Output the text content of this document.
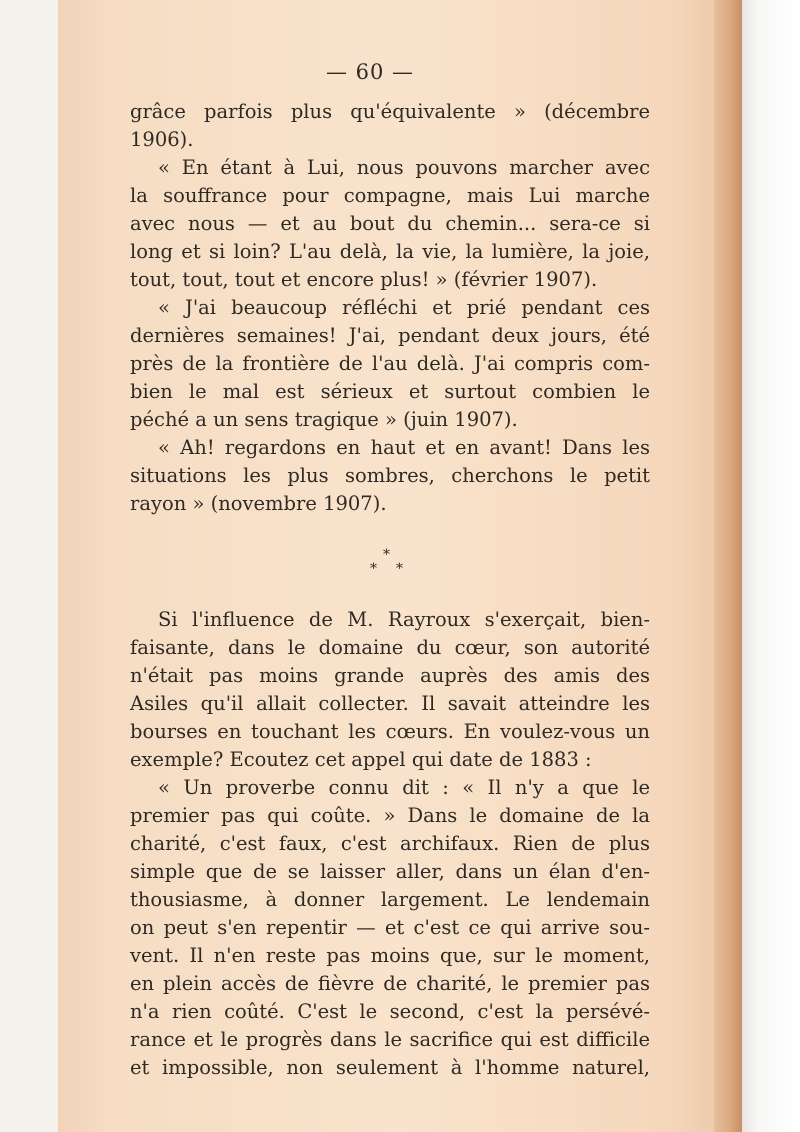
— 60 —

grâce parfois plus qu'équivalente » (décembre

1906).

« En étant à Lui, nous pouvons marcher avec

la souffrance pour compagne, mais Lui marche

avec nous — et au bout du chemin... sera-ce si

long et si loin? L'au delà, la vie, la lumière, la joie,

tout, tout, tout et encore plus! » (février 1907).

« J'ai beaucoup réfléchi et prié pendant ces

dernières semaines! J'ai, pendant deux jours, été

près de la frontière de l'au delà. J'ai compris com-

bien le mal est sérieux et surtout combien le

péché a un sens tragique » (juin 1907).

« Ah! regardons en haut et en avant! Dans les

situations les plus sombres, cherchons le petit

rayon » (novembre 1907).

*
* *

Si l'influence de M. Rayroux s'exerçait, bien-

faisante, dans le domaine du cœur, son autorité

n'était pas moins grande auprès des amis des

Asiles qu'il allait collecter. Il savait atteindre les

bourses en touchant les cœurs. En voulez-vous un

exemple? Ecoutez cet appel qui date de 1883 :

« Un proverbe connu dit : « Il n'y a que le

premier pas qui coûte. » Dans le domaine de la

charité, c'est faux, c'est archifaux. Rien de plus

simple que de se laisser aller, dans un élan d'en-

thousiasme, à donner largement. Le lendemain

on peut s'en repentir — et c'est ce qui arrive sou-

vent. Il n'en reste pas moins que, sur le moment,

en plein accès de fièvre de charité, le premier pas

n'a rien coûté. C'est le second, c'est la persévé-

rance et le progrès dans le sacrifice qui est difficile

et impossible, non seulement à l'homme naturel,
